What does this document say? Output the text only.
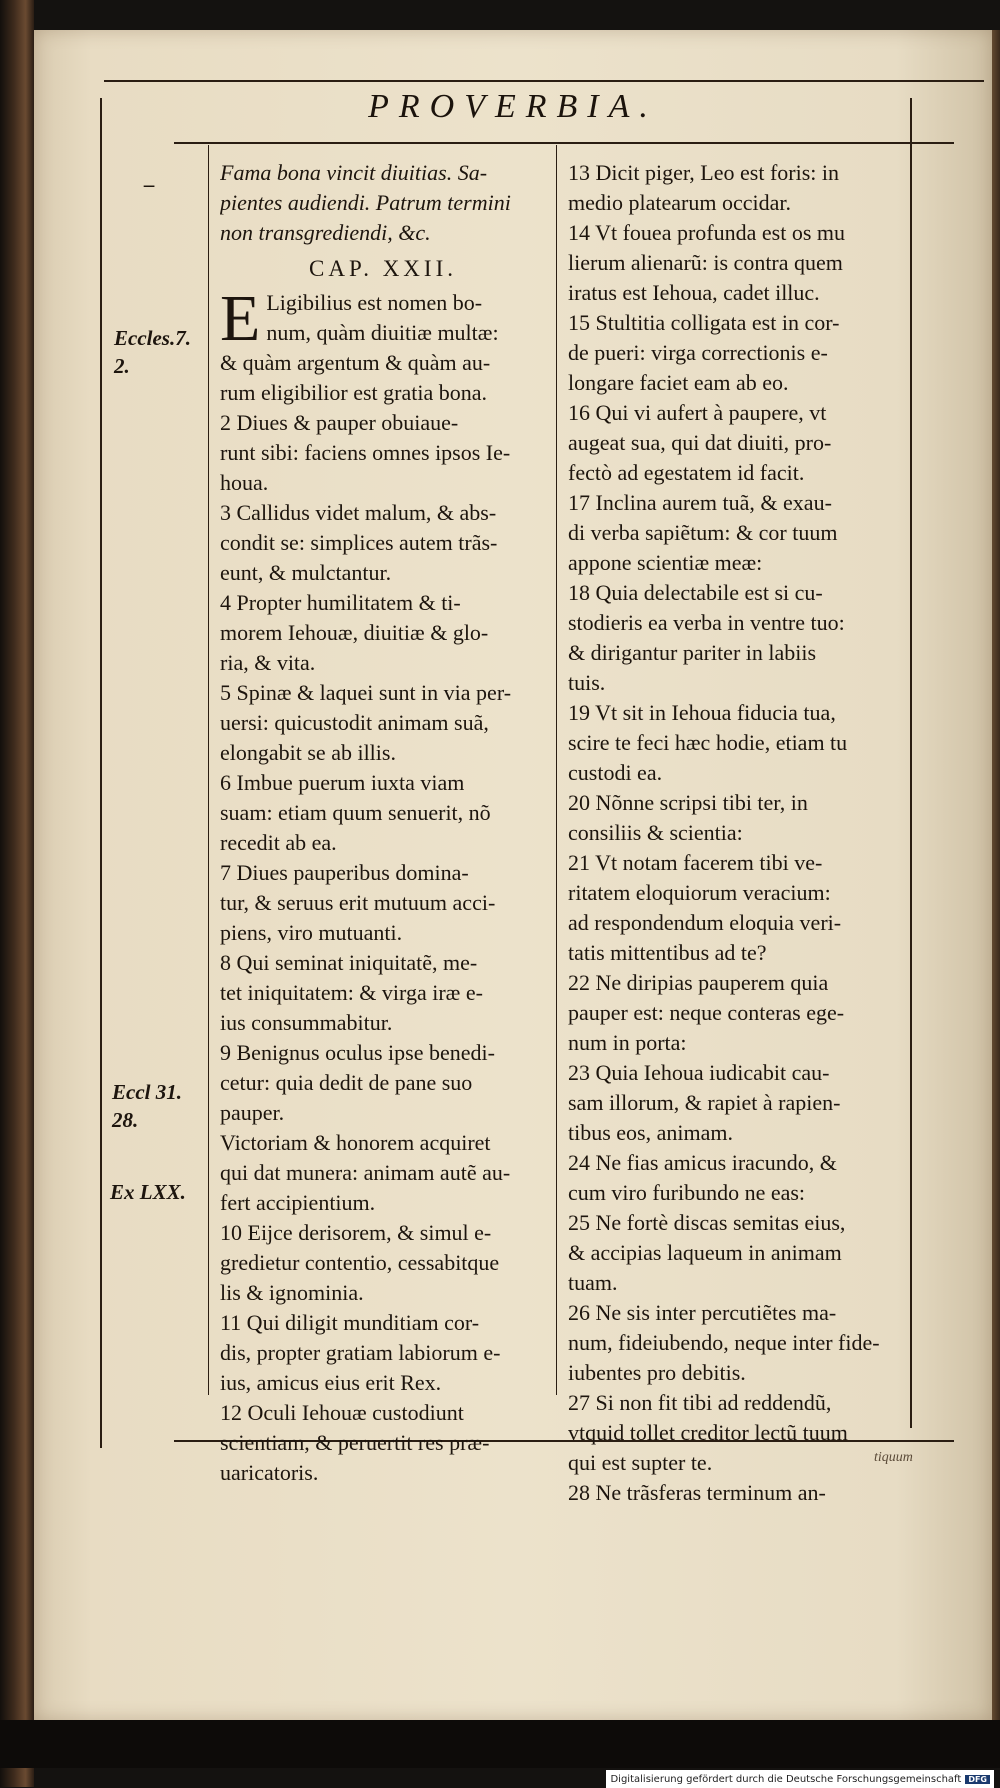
PROVERBIA.
–
Eccles.7.
2.
Eccl 31.
28.
Ex LXX.
Fama bona vincit diuitias. Sa-
pientes audiendi. Patrum termini
non transgrediendi, &c.
CAP. XXII.
E Ligibilius est nomen bo-
num, quàm diuitiæ multæ:
& quàm argentum & quàm au-
rum eligibilior est gratia bona.
2 Diues & pauper obuiaue-
runt sibi: faciens omnes ipsos Ie-
houa.
3 Callidus videt malum, & abs-
condit se: simplices autem trãs-
eunt, & mulctantur.
4 Propter humilitatem & ti-
morem Iehouæ, diuitiæ & glo-
ria, & vita.
5 Spinæ & laquei sunt in via per-
uersi: quicustodit animam suã,
elongabit se ab illis.
6 Imbue puerum iuxta viam
suam: etiam quum senuerit, nõ
recedit ab ea.
7 Diues pauperibus domina-
tur, & seruus erit mutuum acci-
piens, viro mutuanti.
8 Qui seminat iniquitatẽ, me-
tet iniquitatem: & virga iræ e-
ius consummabitur.
9 Benignus oculus ipse benedi-
cetur: quia dedit de pane suo
pauper.
Victoriam & honorem acquiret
qui dat munera: animam autẽ au-
fert accipientium.
10 Eijce derisorem, & simul e-
gredietur contentio, cessabitque
lis & ignominia.
11 Qui diligit munditiam cor-
dis, propter gratiam labiorum e-
ius, amicus eius erit Rex.
12 Oculi Iehouæ custodiunt
scientiam, & peruertit res præ-
uaricatoris.
13 Dicit piger, Leo est foris: in
medio platearum occidar.
14 Vt fouea profunda est os mu
lierum alienarũ: is contra quem
iratus est Iehoua, cadet illuc.
15 Stultitia colligata est in cor-
de pueri: virga correctionis e-
longare faciet eam ab eo.
16 Qui vi aufert à paupere, vt
augeat sua, qui dat diuiti, pro-
fectò ad egestatem id facit.
17 Inclina aurem tuã, & exau-
di verba sapiẽtum: & cor tuum
appone scientiæ meæ:
18 Quia delectabile est si cu-
stodieris ea verba in ventre tuo:
& dirigantur pariter in labiis
tuis.
19 Vt sit in Iehoua fiducia tua,
scire te feci hæc hodie, etiam tu
custodi ea.
20 Nõnne scripsi tibi ter, in
consiliis & scientia:
21 Vt notam facerem tibi ve-
ritatem eloquiorum veracium:
ad respondendum eloquia veri-
tatis mittentibus ad te?
22 Ne diripias pauperem quia
pauper est: neque conteras ege-
num in porta:
23 Quia Iehoua iudicabit cau-
sam illorum, & rapiet à rapien-
tibus eos, animam.
24 Ne fias amicus iracundo, &
cum viro furibundo ne eas:
25 Ne fortè discas semitas eius,
& accipias laqueum in animam
tuam.
26 Ne sis inter percutiẽtes ma-
num, fideiubendo, neque inter fide-
iubentes pro debitis.
27 Si non fit tibi ad reddendũ,
vtquid tollet creditor lectũ tuum
qui est supter te.
28 Ne trãsferas terminum an-
tiquum
Digitalisierung gefördert durch die Deutsche Forschungsgemeinschaft DFG
